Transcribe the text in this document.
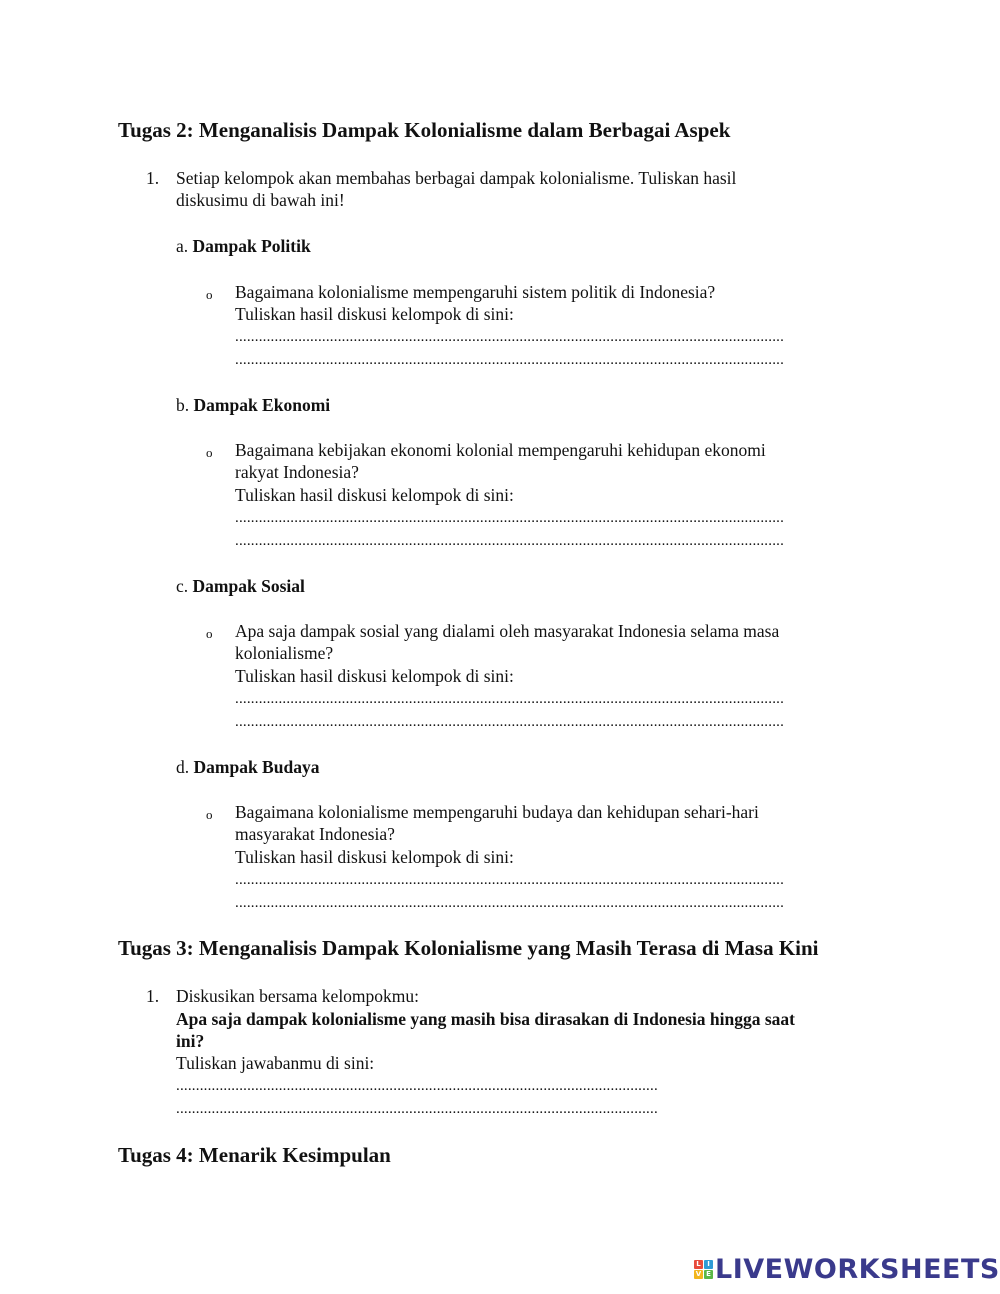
Tugas 2: Menganalisis Dampak Kolonialisme dalam Berbagai Aspek
1. Setiap kelompok akan membahas berbagai dampak kolonialisme. Tuliskan hasil
diskusimu di bawah ini!
a. Dampak Politik
o Bagaimana kolonialisme mempengaruhi sistem politik di Indonesia?
Tuliskan hasil diskusi kelompok di sini:
...........................................................................................................................................
...........................................................................................................................................
b. Dampak Ekonomi
o Bagaimana kebijakan ekonomi kolonial mempengaruhi kehidupan ekonomi
rakyat Indonesia?
Tuliskan hasil diskusi kelompok di sini:
...........................................................................................................................................
...........................................................................................................................................
c. Dampak Sosial
o Apa saja dampak sosial yang dialami oleh masyarakat Indonesia selama masa
kolonialisme?
Tuliskan hasil diskusi kelompok di sini:
...........................................................................................................................................
...........................................................................................................................................
d. Dampak Budaya
o Bagaimana kolonialisme mempengaruhi budaya dan kehidupan sehari-hari
masyarakat Indonesia?
Tuliskan hasil diskusi kelompok di sini:
...........................................................................................................................................
...........................................................................................................................................
Tugas 3: Menganalisis Dampak Kolonialisme yang Masih Terasa di Masa Kini
1. Diskusikan bersama kelompokmu:
Apa saja dampak kolonialisme yang masih bisa dirasakan di Indonesia hingga saat
ini?
Tuliskan jawabanmu di sini:
..........................................................................................................................
..........................................................................................................................
Tugas 4: Menarik Kesimpulan
L I
V E LIVEWORKSHEETS
